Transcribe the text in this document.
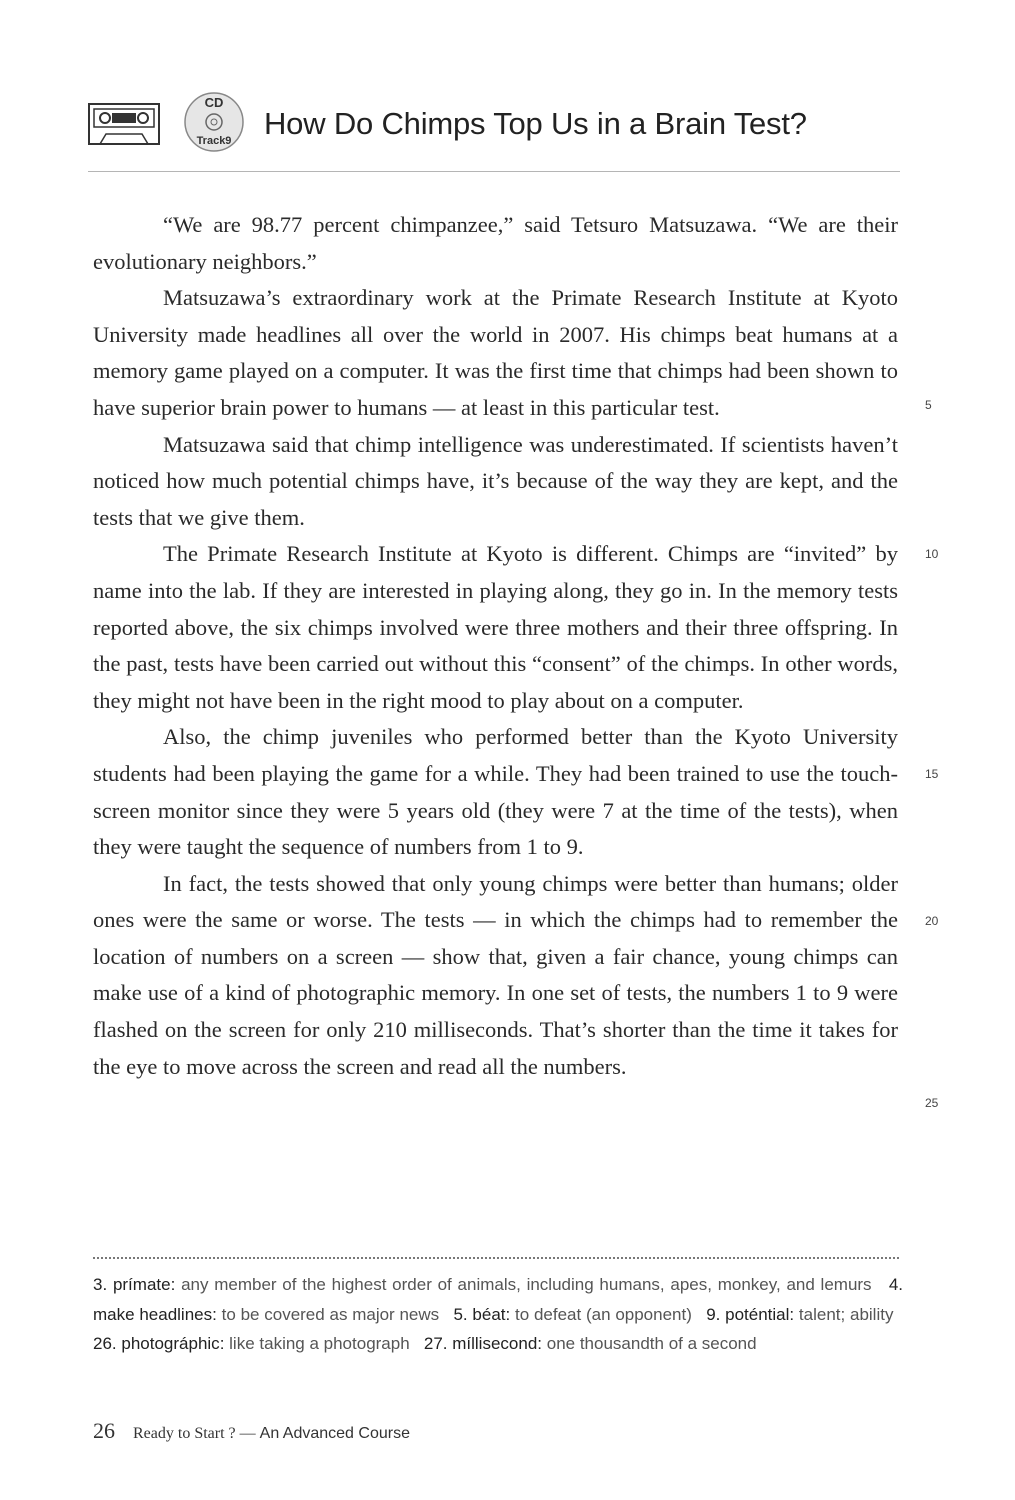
CD
Track9 How Do Chimps Top Us in a Brain Test?

“We are 98.77 percent chimpanzee,” said Tetsuro Matsuzawa. “We are their evolutionary neighbors.”

Matsuzawa’s extraordinary work at the Primate Research Institute at Kyoto University made headlines all over the world in 2007. His chimps beat humans at a memory game played on a computer. It was the first time that chimps had been shown to have superior brain power to humans — at least in this particular test.

Matsuzawa said that chimp intelligence was underestimated. If scientists haven’t noticed how much potential chimps have, it’s because of the way they are kept, and the tests that we give them.

The Primate Research Institute at Kyoto is different. Chimps are “invited” by name into the lab. If they are interested in playing along, they go in. In the memory tests reported above, the six chimps involved were three mothers and their three offspring. In the past, tests have been carried out without this “consent” of the chimps. In other words, they might not have been in the right mood to play about on a computer.

Also, the chimp juveniles who performed better than the Kyoto University students had been playing the game for a while. They had been trained to use the touch-screen monitor since they were 5 years old (they were 7 at the time of the tests), when they were taught the sequence of numbers from 1 to 9.

In fact, the tests showed that only young chimps were better than humans; older ones were the same or worse. The tests — in which the chimps had to remember the location of numbers on a screen — show that, given a fair chance, young chimps can make use of a kind of photographic memory. In one set of tests, the numbers 1 to 9 were flashed on the screen for only 210 milliseconds. That’s shorter than the time it takes for the eye to move across the screen and read all the numbers.

5
10
15
20
25
3. prímate: any member of the highest order of animals, including humans, apes, monkey, and lemurs 4. make headlines: to be covered as major news 5. béat: to defeat (an opponent) 9. poténtial: talent; ability   26. photográphic: like taking a photograph 27. míllisecond: one thousandth of a second
26 Ready to Start ? — An Advanced Course
